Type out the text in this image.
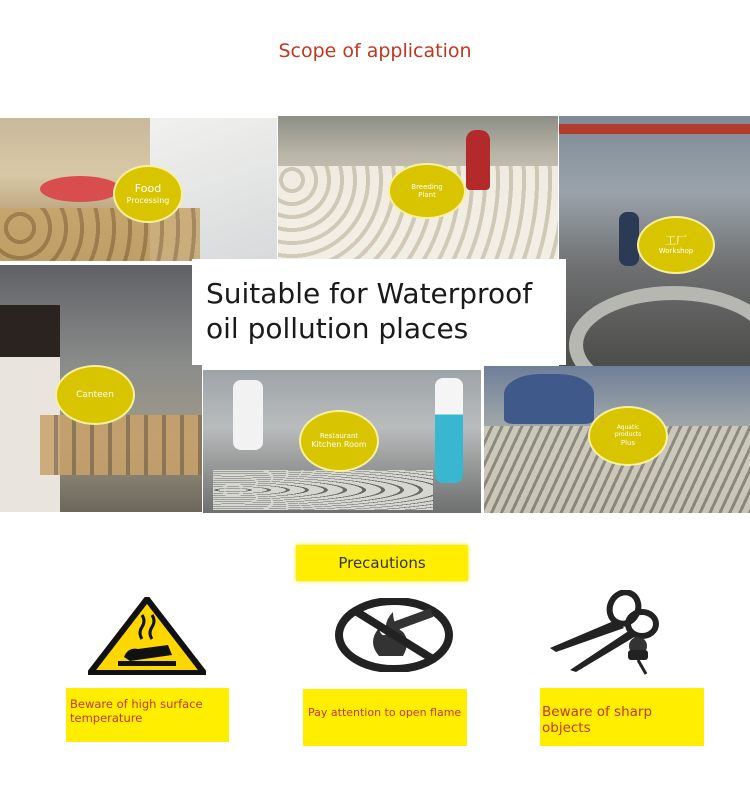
Scope of application
Food
Processing
Breeding
Plant
工厂
Workshop
Canteen
Restaurant
Kitchen Room
Aquatic
products
Plus
Suitable for Waterproof
oil pollution places
Precautions
Beware of high surface temperature	Pay attention to open flame	Beware of sharp objects
